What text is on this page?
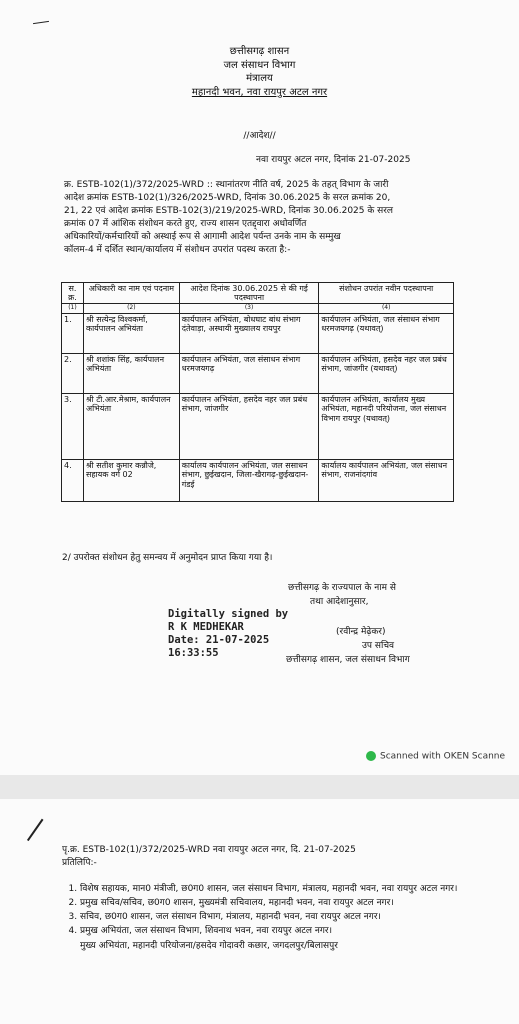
छत्तीसगढ़ शासन
जल संसाधन विभाग
मंत्रालय
महानदी भवन, नवा रायपुर अटल नगर
//आदेश//
नवा रायपुर अटल नगर, दिनांक 21-07-2025
क्र. ESTB-102(1)/372/2025-WRD :: स्थानांतरण नीति वर्ष, 2025 के तहत् विभाग के जारी
आदेश क्रमांक ESTB-102(1)/326/2025-WRD, दिनांक 30.06.2025 के सरल क्रमांक 20,
21, 22 एवं आदेश क्रमांक ESTB-102(3)/219/2025-WRD, दिनांक 30.06.2025 के सरल
क्रमांक 07 में आंशिक संशोधन करते हुए, राज्य शासन एतद्द्वारा अधोवर्णित
अधिकारियों/कर्मचारियों को अस्थाई रूप से आगामी आदेश पर्यन्त उनके नाम के सम्मुख
कॉलम-4 में दर्शित स्थान/कार्यालय में संशोधन उपरांत पदस्थ करता है:-
स. क्र.	अधिकारी का नाम एवं पदनाम	आदेश दिनांक 30.06.2025 से की गई पदस्थापना	संशोधन उपरांत नवीन पदस्थापना
(1)	(2)	(3)	(4)
1.	श्री सत्येन्द्र विश्वकर्मा, कार्यपालन अभियंता	कार्यपालन अभियंता, बोधघाट बांध संभाग दंतेवाड़ा, अस्थायी मुख्यालय रायपुर	कार्यपालन अभियंता, जल संसाधन संभाग धरमजयगढ़ (यथावत्)
2.	श्री शशांक सिंह, कार्यपालन अभियंता	कार्यपालन अभियंता, जल संसाधन संभाग धरमजयगढ़	कार्यपालन अभियंता, हसदेव नहर जल प्रबंध संभाग, जांजगीर (यथावत्)
3.	श्री टी.आर.मेश्राम, कार्यपालन अभियंता	कार्यपालन अभियंता, हसदेव नहर जल प्रबंध संभाग, जांजगीर	कार्यपालन अभियंता, कार्यालय मुख्य अभियंता, महानदी परियोजना, जल संसाधन विभाग रायपुर (यथावत्)
4.	श्री सतीश कुमार कन्नौजे, सहायक वर्ग 02	कार्यालय कार्यपालन अभियंता, जल ससाधन संभाग, छुईखदान, जिला-खैरागढ़-छुईखदान-गंडई	कार्यालय कार्यपालन अभियंता, जल संसाधन संभाग, राजनांदगांव
2/ उपरोक्त संशोधन हेतु समन्वय में अनुमोदन प्राप्त किया गया है।
छत्तीसगढ़ के राज्यपाल के नाम से
तथा आदेशानुसार,
Digitally signed by
R K MEDHEKAR
Date: 21-07-2025
16:33:55
(रवीन्द्र मेढ़ेकर)
उप सचिव
छत्तीसगढ़ शासन, जल संसाधन विभाग
Scanned with OKEN Scanne
पृ.क्र. ESTB-102(1)/372/2025-WRD नवा रायपुर अटल नगर, दि. 21-07-2025
प्रतिलिपि:-
1. विशेष सहायक, मान0 मंत्रीजी, छ0ग0 शासन, जल संसाधन विभाग, मंत्रालय, महानदी भवन, नवा रायपुर अटल नगर।
2. प्रमुख सचिव/सचिव, छ0ग0 शासन, मुख्यमंत्री सचिवालय, महानदी भवन, नवा रायपुर अटल नगर।
3. सचिव, छ0ग0 शासन, जल संसाधन विभाग, मंत्रालय, महानदी भवन, नवा रायपुर अटल नगर।
4. प्रमुख अभियंता, जल संसाधन विभाग, शिवनाथ भवन, नवा रायपुर अटल नगर।
5. मुख्य अभियंता, महानदी परियोजना/हसदेव गोदावरी कछार, जगदलपुर/बिलासपुर
